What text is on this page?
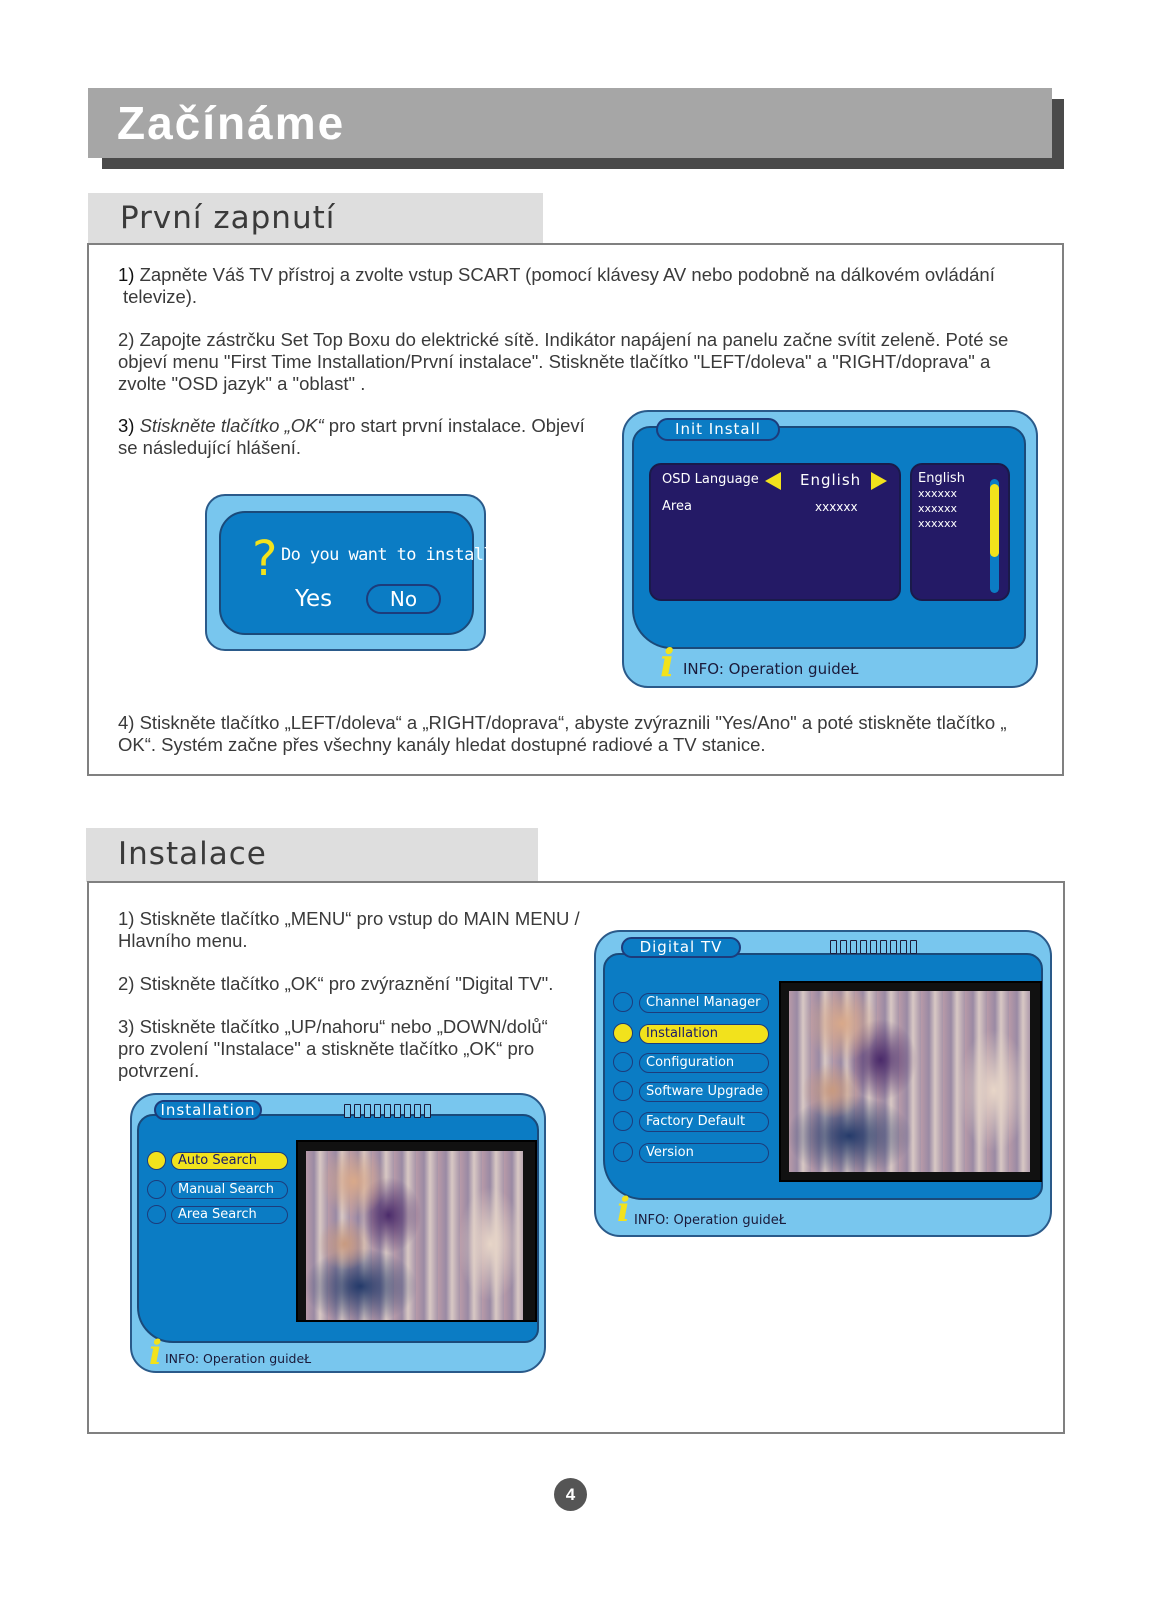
Začínáme
První zapnutí
1) Zapněte Váš TV přístroj a zvolte vstup SCART (pomocí klávesy AV nebo podobně na dálkovém ovládání
televize).
2) Zapojte zástrčku Set Top Boxu do elektrické sítě. Indikátor napájení na panelu začne svítit zeleně. Poté se
objeví menu "First Time Installation/První instalace". Stiskněte tlačítko "LEFT/doleva" a "RIGHT/doprava" a
zvolte "OSD jazyk" a "oblast" .
3) Stiskněte tlačítko „OK“ pro start první instalace. Objeví
se následující hlášení.
? Do you want to install?
Yes	No
Init Install
OSD Language	English
Area	xxxxxx
English
xxxxxx
xxxxxx
xxxxxx
i INFO: Operation guideŁ
4) Stiskněte tlačítko „LEFT/doleva“ a „RIGHT/doprava“, abyste zvýraznili "Yes/Ano" a poté stiskněte tlačítko „
OK“. Systém začne přes všechny kanály hledat dostupné radiové a TV stanice.
Instalace
1) Stiskněte tlačítko „MENU“ pro vstup do MAIN MENU /
Hlavního menu.
2) Stiskněte tlačítko „OK“ pro zvýraznění "Digital TV".
3) Stiskněte tlačítko „UP/nahoru“ nebo „DOWN/dolů“
pro zvolení "Instalace" a stiskněte tlačítko „OK“ pro
potvrzení.
Digital TV
Channel Manager
Installation
Configuration
Software Upgrade
Factory Default
Version
i INFO: Operation guideŁ
Installation
Auto Search
Manual Search
Area Search
i INFO: Operation guideŁ
4
